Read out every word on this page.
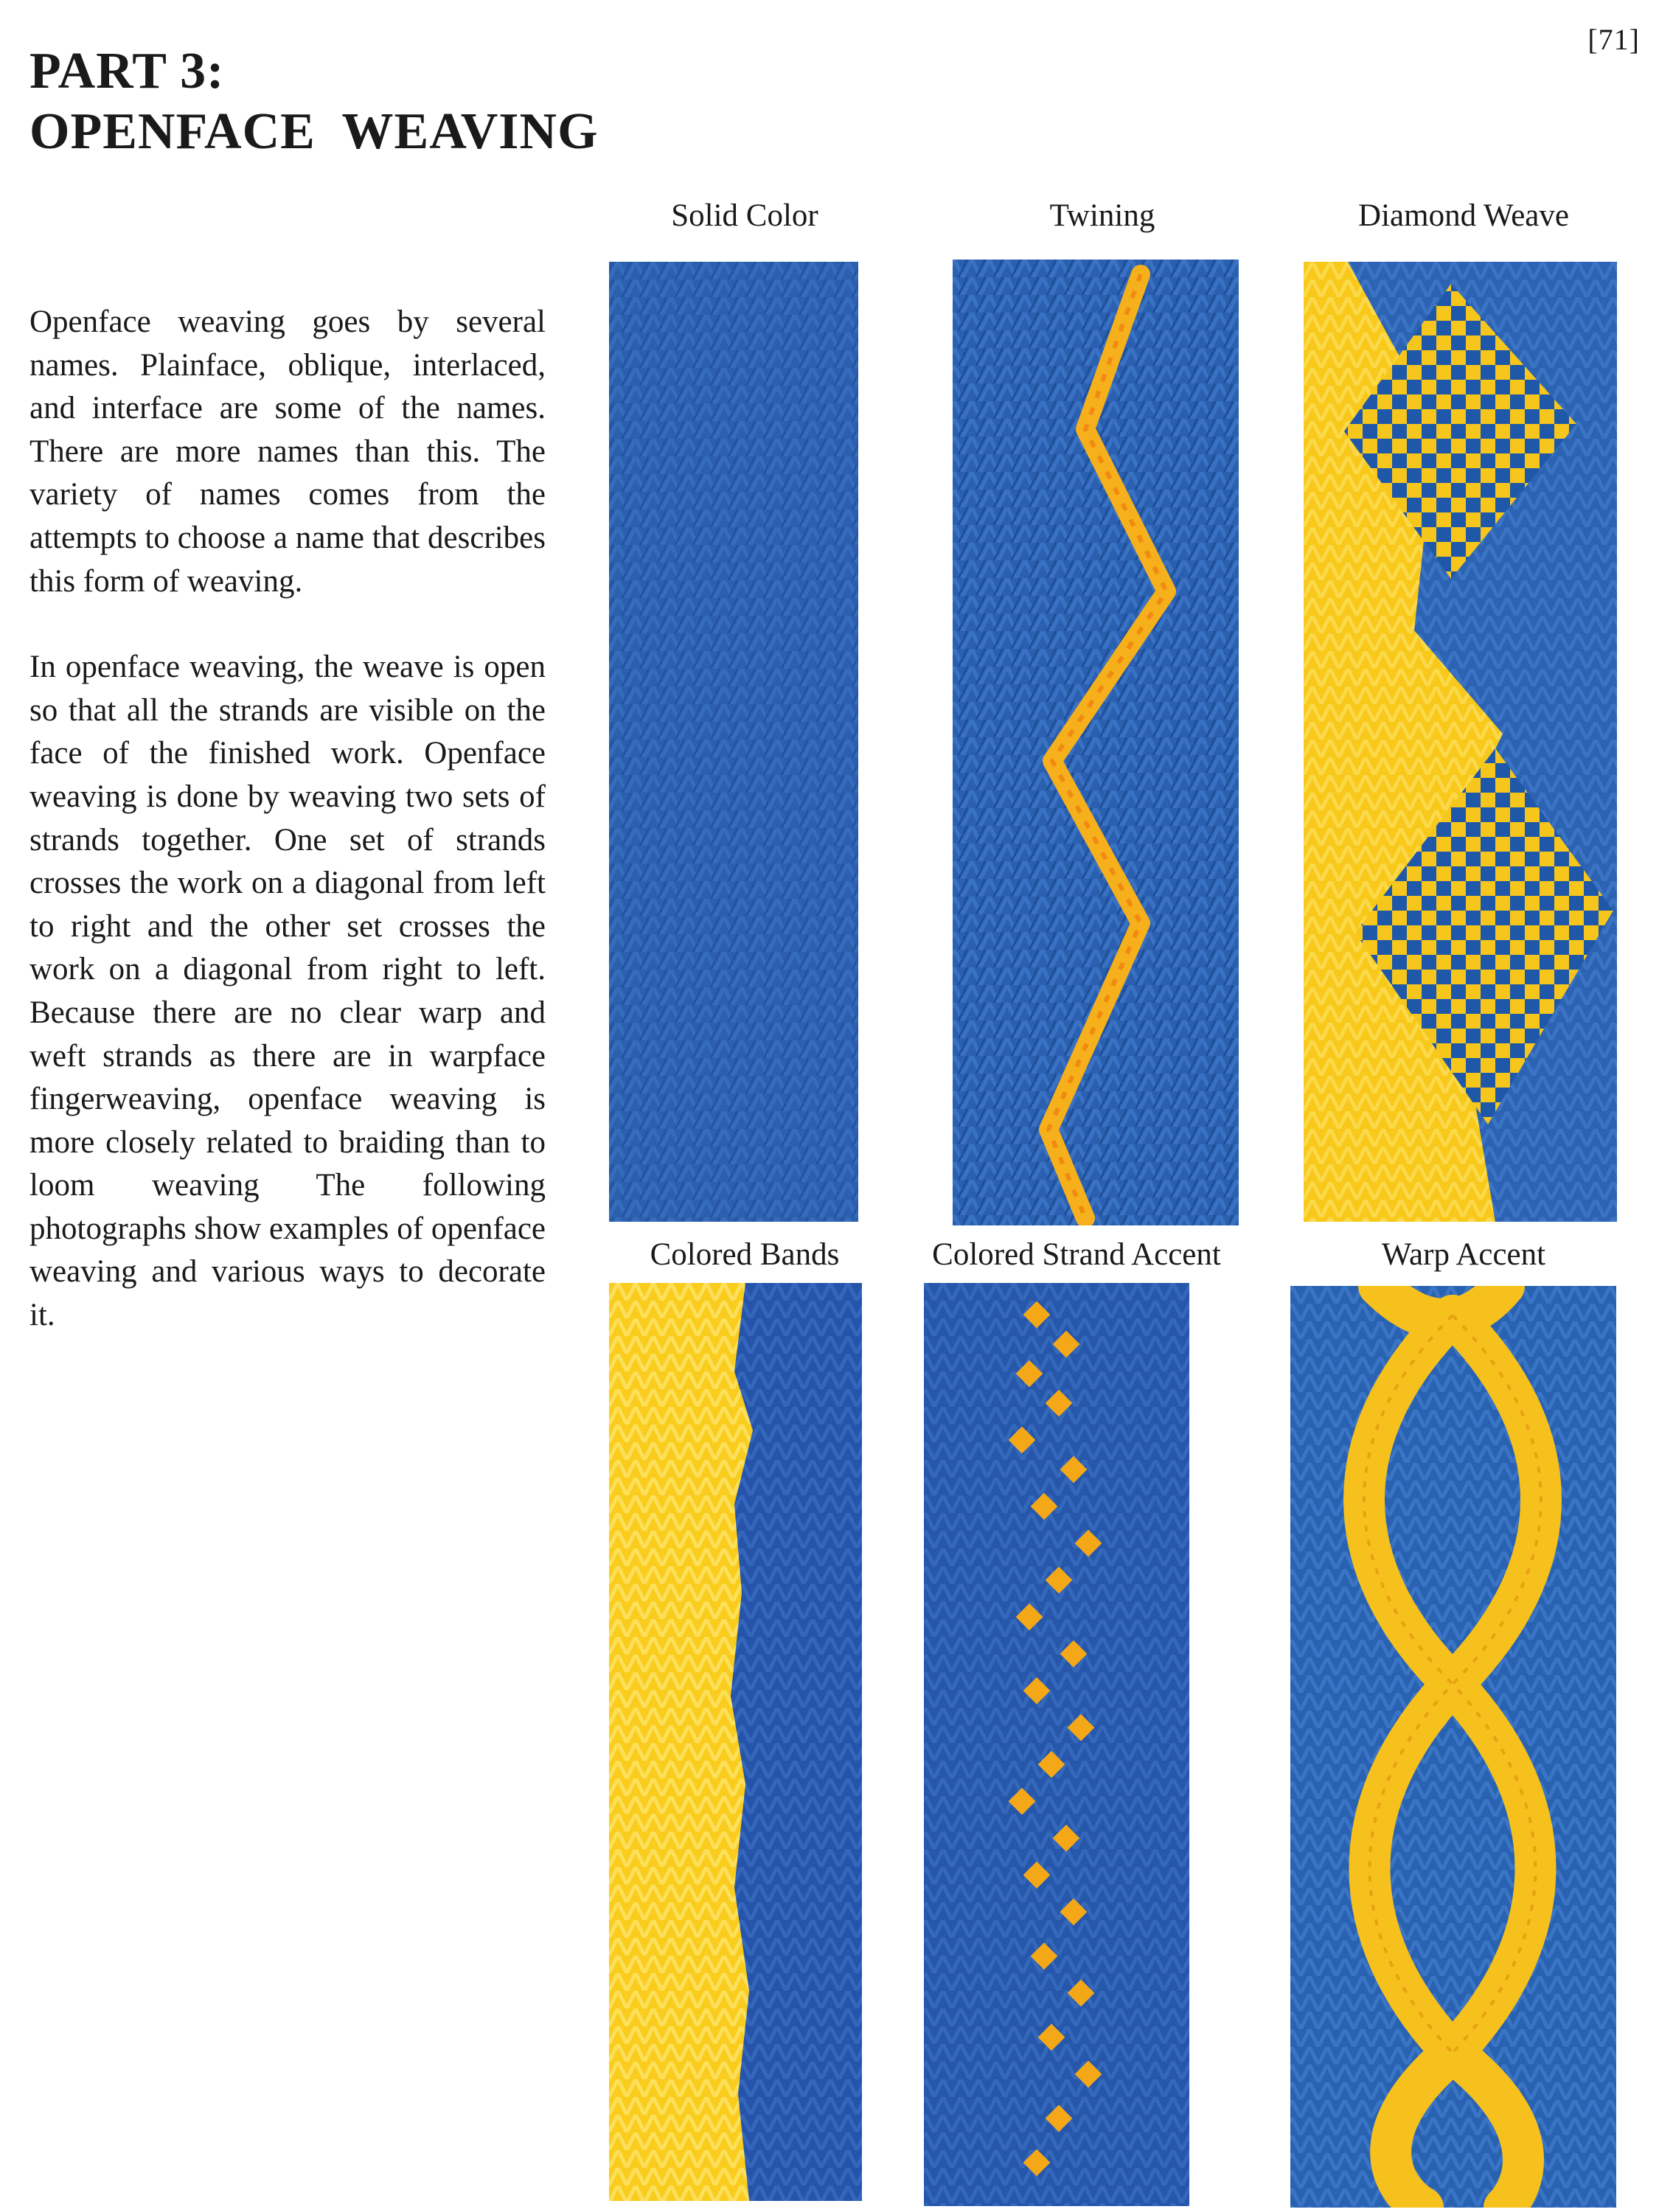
[71]
PART 3:
OPENFACE  WEAVING

Openface weaving goes by several names. Plainface, oblique, interlaced, and interface are some of the names. There are more names than this. The variety of names comes from the attempts to choose a name that describes this form of weaving.

In openface weaving, the weave is open so that all the strands are visible on the face of the finished work. Openface weaving is done by weaving two sets of strands together. One set of strands crosses the work on a diagonal from left to right and the other set crosses the work on a diagonal from right to left. Because there are no clear warp and weft strands as there are in warpface fingerweaving, openface weaving is more closely related to braiding than to loom weaving The following photographs show examples of openface weaving and various ways to decorate it.

Solid Color	Twining	Diamond Weave
Colored Bands	Colored Strand Accent	Warp Accent
